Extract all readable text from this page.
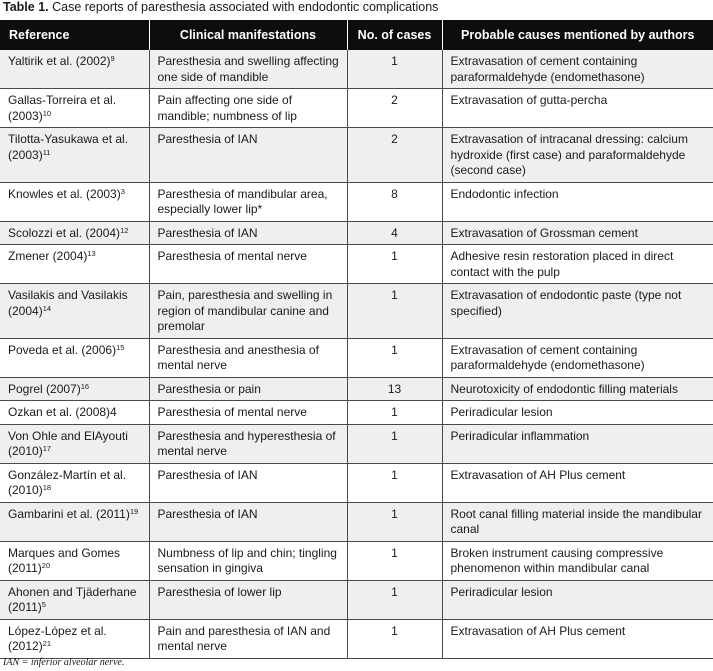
Table 1. Case reports of paresthesia associated with endodontic complications
Reference	Clinical manifestations	No. of cases	Probable causes mentioned by authors
Yaltirik et al. $(2002)^9$	Paresthesia and swelling affecting one side of mandible	1	Extravasation of cement containing paraformaldehyde (endomethasone)
Gallas-Torreira et al. $(2003)^{10}$	Pain affecting one side of mandible; numbness of lip	2	Extravasation of gutta-percha
Tilotta-Yasukawa et al. $(2003)^{11}$	Paresthesia of IAN	2	Extravasation of intracanal dressing: calcium hydroxide (first case) and paraformaldehyde (second case)
Knowles et al. $(2003)^3$	Paresthesia of mandibular area, especially lower lip*	8	Endodontic infection
Scolozzi et al. $(2004)^{12}$	Paresthesia of IAN	4	Extravasation of Grossman cement
Zmener $(2004)^{13}$	Paresthesia of mental nerve	1	Adhesive resin restoration placed in direct contact with the pulp
Vasilakis and Vasilakis $(2004)^{14}$	Pain, paresthesia and swelling in region of mandibular canine and premolar	1	Extravasation of endodontic paste (type not specified)
Poveda et al. $(2006)^{15}$	Paresthesia and anesthesia of mental nerve	1	Extravasation of cement containing paraformaldehyde (endomethasone)
Pogrel $(2007)^{16}$	Paresthesia or pain	13	Neurotoxicity of endodontic filling materials
Ozkan et al. (2008)4	Paresthesia of mental nerve	1	Periradicular lesion
Von Ohle and ElAyouti $(2010)^{17}$	Paresthesia and hyperesthesia of mental nerve	1	Periradicular inflammation
González-Martín et al. $(2010)^{18}$	Paresthesia of IAN	1	Extravasation of AH Plus cement
Gambarini et al. $(2011)^{19}$	Paresthesia of IAN	1	Root canal filling material inside the mandibular canal
Marques and Gomes $(2011)^{20}$	Numbness of lip and chin; tingling sensation in gingiva	1	Broken instrument causing compressive phenomenon within mandibular canal
Ahonen and Tjäderhane $(2011)^5$	Paresthesia of lower lip	1	Periradicular lesion
López-López et al. $(2012)^{21}$	Pain and paresthesia of IAN and mental nerve	1	Extravasation of AH Plus cement
IAN = inferior alveolar nerve.
